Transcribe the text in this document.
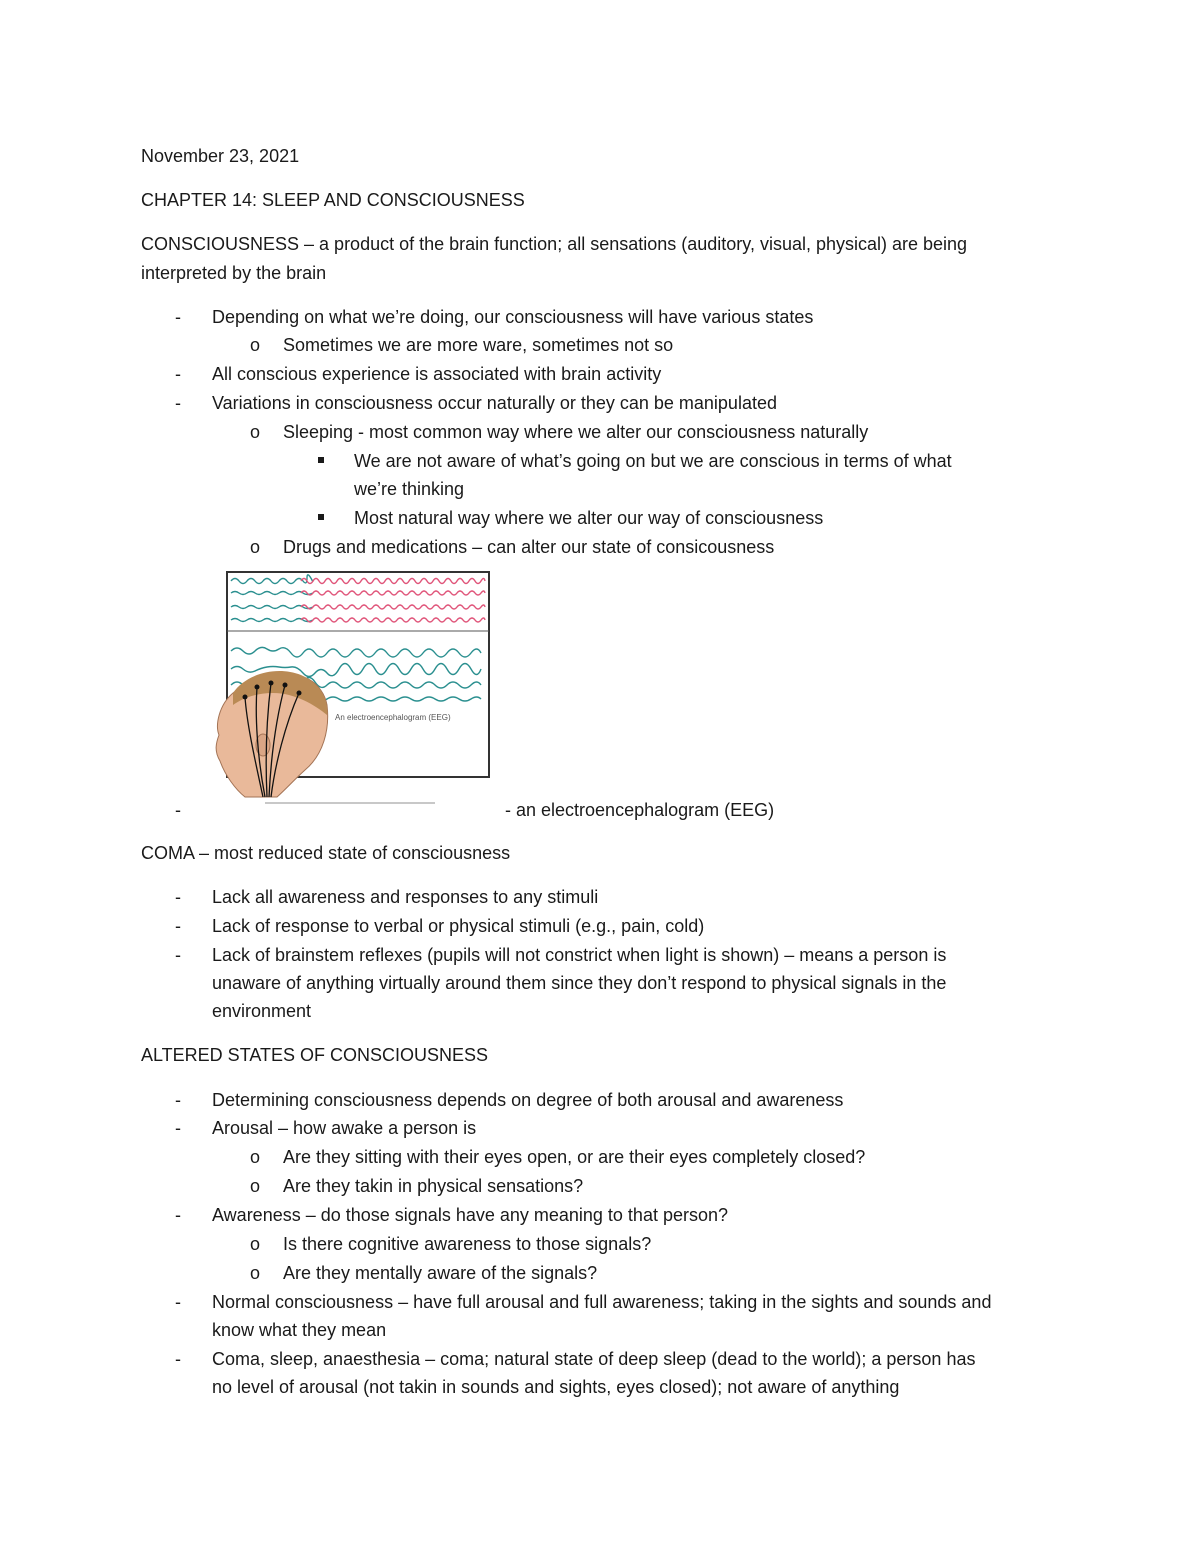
November 23, 2021
CHAPTER 14: SLEEP AND CONSCIOUSNESS
CONSCIOUSNESS – a product of the brain function; all sensations (auditory, visual, physical) are being
interpreted by the brain
-	Depending on what we’re doing, our consciousness will have various states
o	Sometimes we are more ware, sometimes not so
-	All conscious experience is associated with brain activity
-	Variations in consciousness occur naturally or they can be manipulated
o	Sleeping - most common way where we alter our consciousness naturally
We are not aware of what’s going on but we are conscious in terms of what
we’re thinking
Most natural way where we alter our way of consciousness
o	Drugs and medications – can alter our state of consicousness
An electroencephalogram (EEG)
-	- an electroencephalogram (EEG)
COMA – most reduced state of consciousness
-	Lack all awareness and responses to any stimuli
-	Lack of response to verbal or physical stimuli (e.g., pain, cold)
-	Lack of brainstem reflexes (pupils will not constrict when light is shown) – means a person is
unaware of anything virtually around them since they don’t respond to physical signals in the
environment
ALTERED STATES OF CONSCIOUSNESS
-	Determining consciousness depends on degree of both arousal and awareness
-	Arousal – how awake a person is
o	Are they sitting with their eyes open, or are their eyes completely closed?
o	Are they takin in physical sensations?
-	Awareness – do those signals have any meaning to that person?
o	Is there cognitive awareness to those signals?
o	Are they mentally aware of the signals?
-	Normal consciousness – have full arousal and full awareness; taking in the sights and sounds and
know what they mean
-	Coma, sleep, anaesthesia – coma; natural state of deep sleep (dead to the world); a person has
no level of arousal (not takin in sounds and sights, eyes closed); not aware of anything
